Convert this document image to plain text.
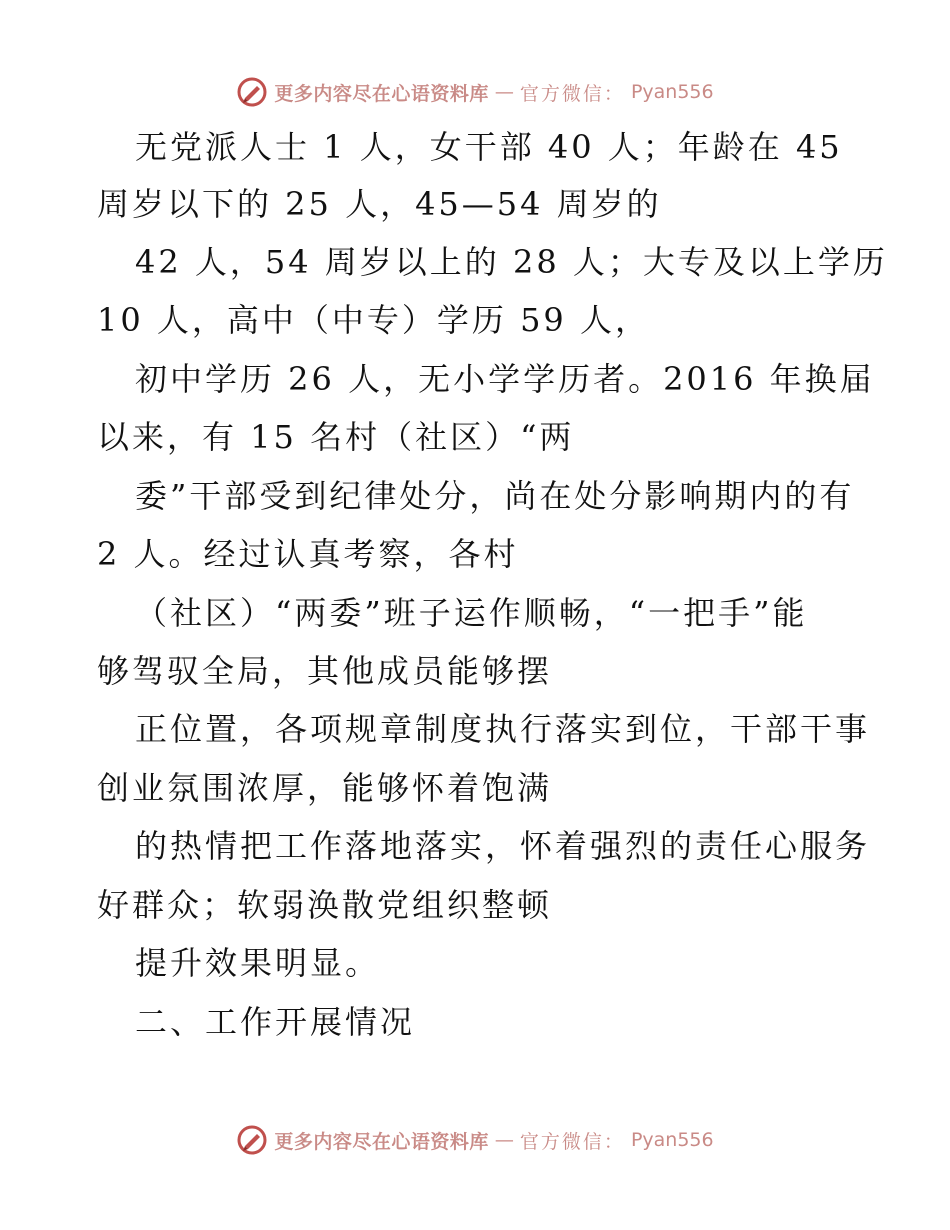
更多内容尽在心语资料库 — 官方微信： Pyan556
无党派人士 1 人，女干部 40 人；年龄在 45
周岁以下的 25 人，45—54 周岁的
42 人，54 周岁以上的 28 人；大专及以上学历
10 人，高中（中专）学历 59 人，
初中学历 26 人，无小学学历者。2016 年换届
以来，有 15 名村（社区）“两
委”干部受到纪律处分，尚在处分影响期内的有
2 人。经过认真考察，各村
（社区）“两委”班子运作顺畅，“一把手”能
够驾驭全局，其他成员能够摆
正位置，各项规章制度执行落实到位，干部干事
创业氛围浓厚，能够怀着饱满
的热情把工作落地落实，怀着强烈的责任心服务
好群众；软弱涣散党组织整顿
提升效果明显。
二、工作开展情况
更多内容尽在心语资料库 — 官方微信： Pyan556
